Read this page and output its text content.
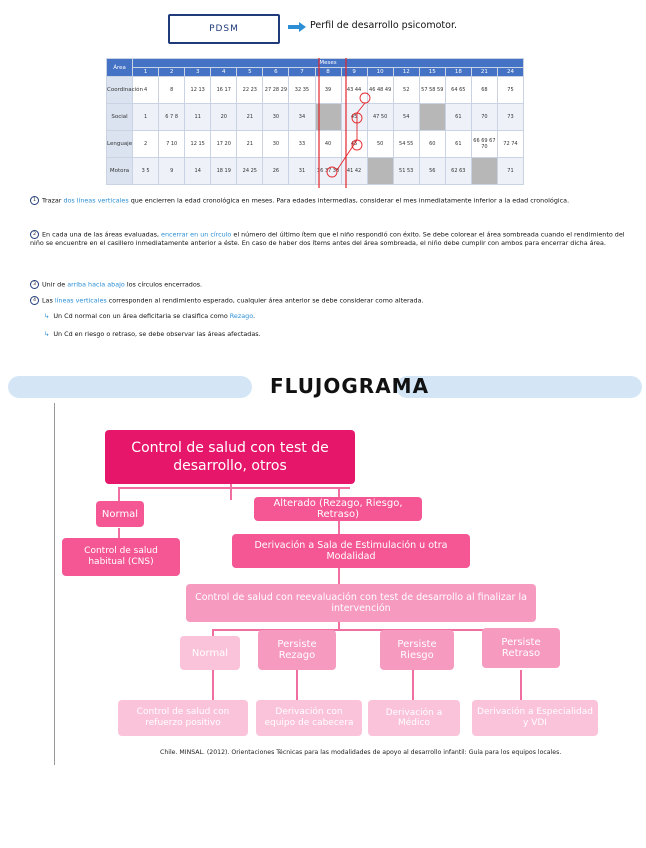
PDSM	Perfil de desarrollo psicomotor.
Área	Meses														
	1	2	3	4	5	6	7	8	9	10	12	15	18	21	24
Coordinación	4	8	12 13	16 17	22 23	27 28 29	32 35	39	43 44	46 48 49	52	57 58 59	64 65	68	75
Social	1	6 7 8	11	20	21	30	34		45	47 50	54		61	70	73
Lenguaje	2	7 10	12 15	17 20	21	30	33	40	45	50	54 55	60	61	66 69 67 70	72 74
Motora	3 5	9	14	18 19	24 25	26	31	36 37 38	41 42		51 53	56	62 63		71
1 Trazar dos líneas verticales que encierren la edad cronológica en meses. Para edades intermedias, considerar el mes inmediatamente inferior a la edad cronológica.
2 En cada una de las áreas evaluadas, encerrar en un círculo el número del último ítem que el niño respondió con éxito. Se debe colorear el área sombreada cuando el rendimiento del niño se encuentre en el casillero inmediatamente anterior a éste. En caso de haber dos ítems antes del área sombreada, el niño debe cumplir con ambos para encerrar dicha área.
3 Unir de arriba hacia abajo los círculos encerrados.
4 Las líneas verticales corresponden al rendimiento esperado, cualquier área anterior se debe considerar como alterada.
↳ Un Cd normal con un área deficitaria se clasifica como Rezago.
↳ Un Cd en riesgo o retraso, se debe observar las áreas afectadas.
FLUJOGRAMA
Control de salud con test de desarrollo, otros
Normal
Alterado (Rezago, Riesgo, Retraso)
Control de salud habitual (CNS)
Derivación a Sala de Estimulación u otra Modalidad
Control de salud con reevaluación con test de desarrollo al finalizar la intervención
Normal
Persiste Rezago
Persiste Riesgo
Persiste Retraso
Control de salud con refuerzo positivo
Derivación con equipo de cabecera
Derivación a Médico
Derivación a Especialidad y VDI
Chile. MINSAL. (2012). Orientaciones Técnicas para las modalidades de apoyo al desarrollo infantil: Guía para los equipos locales.
